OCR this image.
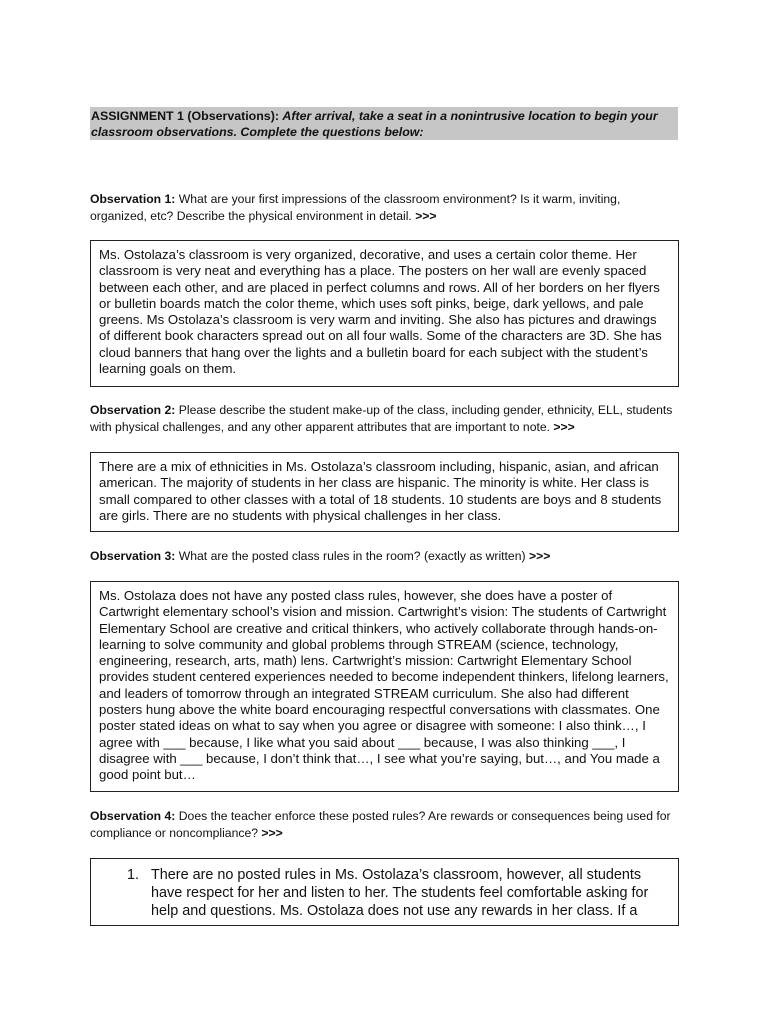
ASSIGNMENT 1 (Observations): After arrival, take a seat in a nonintrusive location to begin your classroom observations. Complete the questions below:
Observation 1: What are your first impressions of the classroom environment? Is it warm, inviting, organized, etc? Describe the physical environment in detail. >>>
Ms. Ostolaza’s classroom is very organized, decorative, and uses a certain color theme. Her classroom is very neat and everything has a place. The posters on her wall are evenly spaced between each other, and are placed in perfect columns and rows. All of her borders on her flyers or bulletin boards match the color theme, which uses soft pinks, beige, dark yellows, and pale greens. Ms Ostolaza’s classroom is very warm and inviting. She also has pictures and drawings of different book characters spread out on all four walls. Some of the characters are 3D. She has cloud banners that hang over the lights and a bulletin board for each subject with the student’s learning goals on them.
Observation 2: Please describe the student make-up of the class, including gender, ethnicity, ELL, students with physical challenges, and any other apparent attributes that are important to note. >>>
There are a mix of ethnicities in Ms. Ostolaza’s classroom including, hispanic, asian, and african american. The majority of students in her class are hispanic. The minority is white. Her class is small compared to other classes with a total of 18 students. 10 students are boys and 8 students are girls. There are no students with physical challenges in her class.
Observation 3: What are the posted class rules in the room? (exactly as written) >>>
Ms. Ostolaza does not have any posted class rules, however, she does have a poster of Cartwright elementary school’s vision and mission. Cartwright’s vision: The students of Cartwright Elementary School are creative and critical thinkers, who actively collaborate through hands-on-learning to solve community and global problems through STREAM (science, technology, engineering, research, arts, math) lens. Cartwright’s mission: Cartwright Elementary School provides student centered experiences needed to become independent thinkers, lifelong learners, and leaders of tomorrow through an integrated STREAM curriculum. She also had different posters hung above the white board encouraging respectful conversations with classmates. One poster stated ideas on what to say when you agree or disagree with someone: I also think…, I agree with ___ because, I like what you said about ___ because, I was also thinking ___, I disagree with ___ because, I don’t think that…, I see what you’re saying, but…, and You made a good point but…
Observation 4: Does the teacher enforce these posted rules? Are rewards or consequences being used for compliance or noncompliance? >>>
1. There are no posted rules in Ms. Ostolaza’s classroom, however, all students have respect for her and listen to her. The students feel comfortable asking for help and questions. Ms. Ostolaza does not use any rewards in her class. If a
